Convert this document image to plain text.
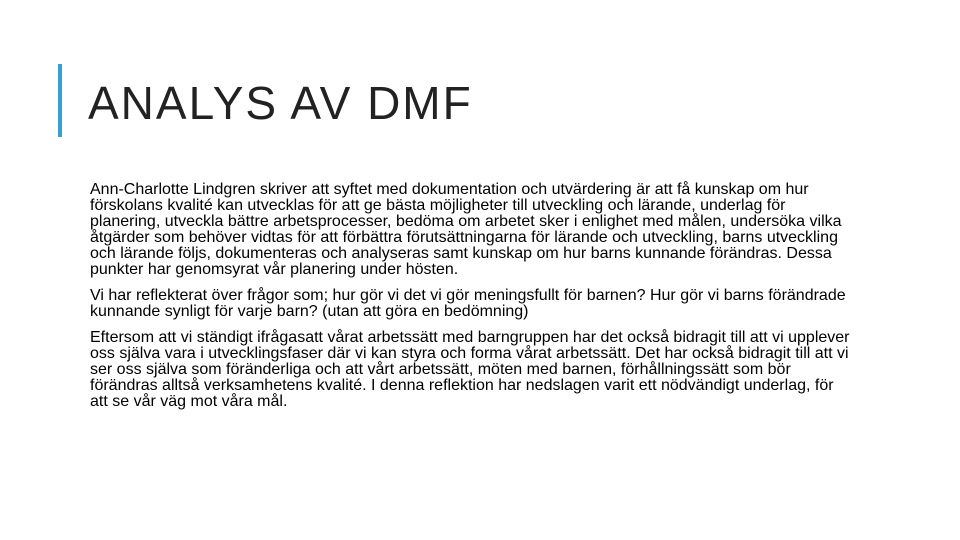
ANALYS AV DMF

Ann-Charlotte Lindgren skriver att syftet med dokumentation och utvärdering är att få kunskap om hur förskolans kvalité kan utvecklas för att ge bästa möjligheter till utveckling och lärande, underlag för planering, utveckla bättre arbetsprocesser, bedöma om arbetet sker i enlighet med målen, undersöka vilka åtgärder som behöver vidtas för att förbättra förutsättningarna för lärande och utveckling, barns utveckling och lärande följs, dokumenteras och analyseras samt kunskap om hur barns kunnande förändras. Dessa punkter har genomsyrat vår planering under hösten.

Vi har reflekterat över frågor som; hur gör vi det vi gör meningsfullt för barnen? Hur gör vi barns förändrade kunnande synligt för varje barn? (utan att göra en bedömning)

Eftersom att vi ständigt ifrågasatt vårat arbetssätt med barngruppen har det också bidragit till att vi upplever oss själva vara i utvecklingsfaser där vi kan styra och forma vårat arbetssätt. Det har också bidragit till att vi ser oss själva som föränderliga och att vårt arbetssätt, möten med barnen, förhållningssätt som bör förändras alltså verksamhetens kvalité. I denna reflektion har nedslagen varit ett nödvändigt underlag, för att se vår väg mot våra mål.
